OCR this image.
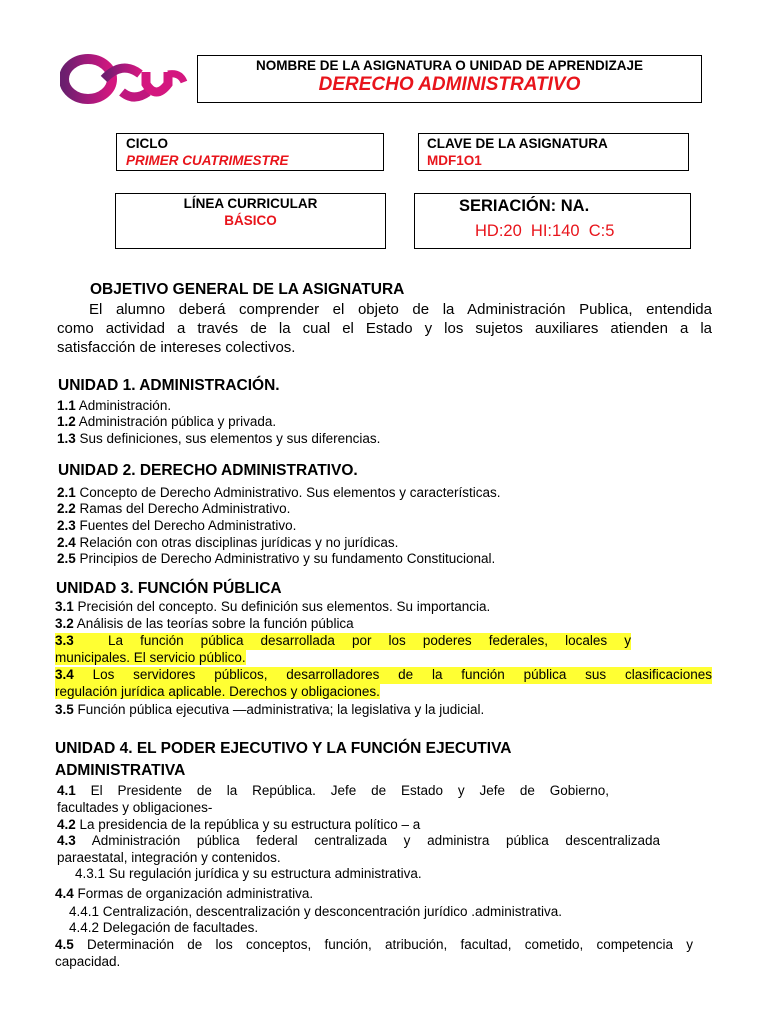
NOMBRE DE LA ASIGNATURA O UNIDAD DE APRENDIZAJE
DERECHO ADMINISTRATIVO
CICLO
PRIMER CUATRIMESTRE
CLAVE DE LA ASIGNATURA
MDF1O1
LÍNEA CURRICULAR
BÁSICO
SERIACIÓN: NA.
HD:20  HI:140  C:5
OBJETIVO GENERAL DE LA ASIGNATURA
El alumno deberá comprender el objeto de la Administración Publica, entendida
como actividad a través de la cual el Estado y los sujetos auxiliares atienden a la
satisfacción de intereses colectivos.
UNIDAD 1. ADMINISTRACIÓN.
1.1 Administración.
1.2 Administración pública y privada.
1.3 Sus definiciones, sus elementos y sus diferencias.
UNIDAD 2. DERECHO ADMINISTRATIVO.
2.1 Concepto de Derecho Administrativo. Sus elementos y características.
2.2 Ramas del Derecho Administrativo.
2.3 Fuentes del Derecho Administrativo.
2.4 Relación con otras disciplinas jurídicas y no jurídicas.
2.5 Principios de Derecho Administrativo y su fundamento Constitucional.
UNIDAD 3. FUNCIÓN PÚBLICA
3.1 Precisión del concepto. Su definición sus elementos. Su importancia.
3.2 Análisis de las teorías sobre la función pública
3.3  La función pública desarrollada por los poderes federales, locales y
municipales. El servicio público.
3.4 Los servidores públicos, desarrolladores de la función pública sus clasificaciones
regulación jurídica aplicable. Derechos y obligaciones.
3.5 Función pública ejecutiva —administrativa; la legislativa y la judicial.
UNIDAD 4. EL PODER EJECUTIVO Y LA FUNCIÓN EJECUTIVA
ADMINISTRATIVA
4.1 El Presidente de la República. Jefe de Estado y Jefe de Gobierno,
facultades y obligaciones-
4.2 La presidencia de la república y su estructura político – a
4.3 Administración pública federal centralizada y administra pública descentralizada
paraestatal, integración y contenidos.
4.3.1 Su regulación jurídica y su estructura administrativa.
4.4 Formas de organización administrativa.
4.4.1 Centralización, descentralización y desconcentración jurídico .administrativa.
4.4.2 Delegación de facultades.
4.5 Determinación de los conceptos, función, atribución, facultad, cometido, competencia y
capacidad.
